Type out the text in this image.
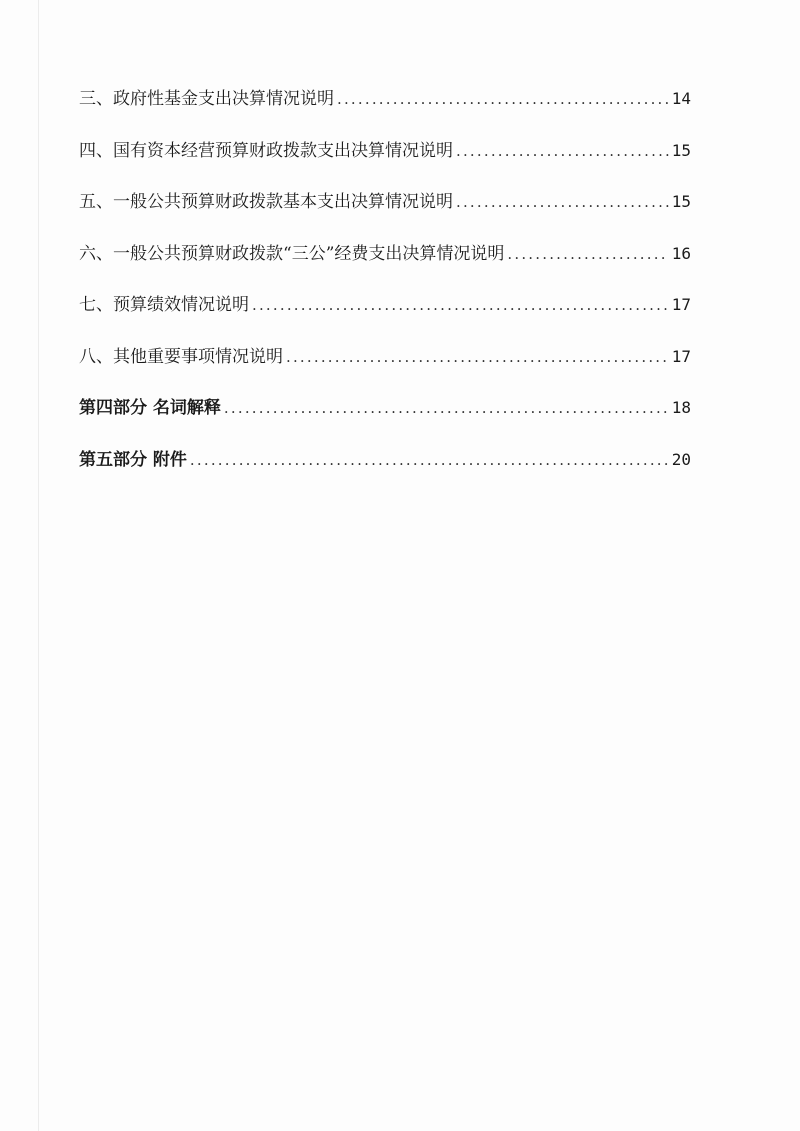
三、政府性基金支出决算情况说明 .....	14
四、国有资本经营预算财政拨款支出决算情况说明 .....	15
五、一般公共预算财政拨款基本支出决算情况说明 .....	15
六、一般公共预算财政拨款“三公”经费支出决算情况说明 .....	16
七、预算绩效情况说明 .....	17
八、其他重要事项情况说明 .....	17
第四部分 名词解释 .....	18
第五部分 附件 .....	20
